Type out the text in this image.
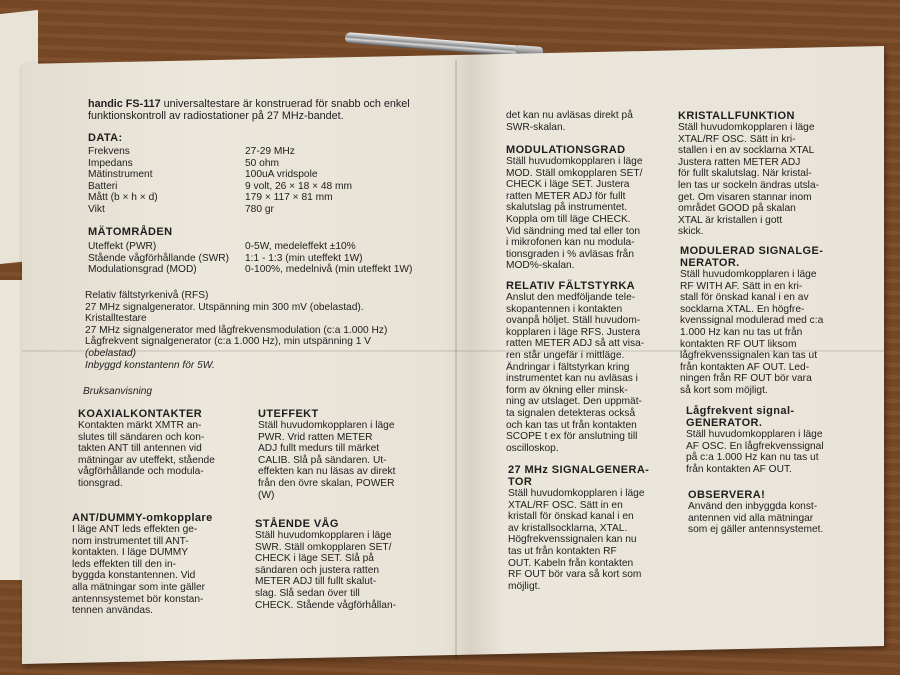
handic FS-117 universaltestare är konstruerad för snabb och enkel
funktionskontroll av radiostationer på 27 MHz-bandet.
DATA:
Frekvens	27-29 MHz
Impedans	50 ohm
Mätinstrument	100uA vridspole
Batteri	9 volt, 26 × 18 × 48 mm
Mått (b × h × d)	179 × 117 × 81 mm
Vikt	780 gr
MÄTOMRÅDEN
Uteffekt (PWR)	0-5W, medeleffekt ±10%
Stående vågförhållande (SWR) 1:1 - 1:3 (min uteffekt 1W)
Modulationsgrad (MOD)	0-100%, medelnivå (min uteffekt 1W)
Relativ fältstyrkenivå (RFS)
27 MHz signalgenerator. Utspänning min 300 mV (obelastad).
Kristalltestare
27 MHz signalgenerator med lågfrekvensmodulation (c:a 1.000 Hz)
Lågfrekvent signalgenerator (c:a 1.000 Hz), min utspänning 1 V
(obelastad)
Inbyggd konstantenn för 5W.
Bruksanvisning
KOAXIALKONTAKTER
Kontakten märkt XMTR an-
slutes till sändaren och kon-
takten ANT till antennen vid
mätningar av uteffekt, stående
vågförhållande och modula-
tionsgrad.
ANT/DUMMY-omkopplare
I läge ANT leds effekten ge-
nom instrumentet till ANT-
kontakten. I läge DUMMY
leds effekten till den in-
byggda konstantennen. Vid
alla mätningar som inte gäller
antennsystemet bör konstan-
tennen användas.
UTEFFEKT
Ställ huvudomkopplaren i läge
PWR. Vrid ratten METER
ADJ fullt medurs till märket
CALIB. Slå på sändaren. Ut-
effekten kan nu läsas av direkt
från den övre skalan, POWER
(W)
STÅENDE VÅG
Ställ huvudomkopplaren i läge
SWR. Ställ omkopplaren SET/
CHECK i läge SET. Slå på
sändaren och justera ratten
METER ADJ till fullt skalut-
slag. Slå sedan över till
CHECK. Stående vågförhållan-
det kan nu avläsas direkt på
SWR-skalan.
MODULATIONSGRAD
Ställ huvudomkopplaren i läge
MOD. Ställ omkopplaren SET/
CHECK i läge SET. Justera
ratten METER ADJ för fullt
skalutslag på instrumentet.
Koppla om till läge CHECK.
Vid sändning med tal eller ton
i mikrofonen kan nu modula-
tionsgraden i % avläsas från
MOD%-skalan.
RELATIV FÄLTSTYRKA
Anslut den medföljande tele-
skopantennen i kontakten
ovanpå höljet. Ställ huvudom-
kopplaren i läge RFS. Justera
ratten METER ADJ så att visa-
ren står ungefär i mittläge.
Ändringar i fältstyrkan kring
instrumentet kan nu avläsas i
form av ökning eller minsk-
ning av utslaget. Den uppmät-
ta signalen detekteras också
och kan tas ut från kontakten
SCOPE t ex för anslutning till
oscilloskop.
27 MHz SIGNALGENERA-
TOR
Ställ huvudomkopplaren i läge
XTAL/RF OSC. Sätt in en
kristall för önskad kanal i en
av kristallsocklarna, XTAL.
Högfrekvenssignalen kan nu
tas ut från kontakten RF
OUT. Kabeln från kontakten
RF OUT bör vara så kort som
möjligt.
KRISTALLFUNKTION
Ställ huvudomkopplaren i läge
XTAL/RF OSC. Sätt in kri-
stallen i en av socklarna XTAL
Justera ratten METER ADJ
för fullt skalutslag. När kristal-
len tas ur sockeln ändras utsla-
get. Om visaren stannar inom
området GOOD på skalan
XTAL är kristallen i gott
skick.
MODULERAD SIGNALGE-
NERATOR.
Ställ huvudomkopplaren i läge
RF WITH AF. Sätt in en kri-
stall för önskad kanal i en av
socklarna XTAL. En högfre-
kvenssignal modulerad med c:a
1.000 Hz kan nu tas ut från
kontakten RF OUT liksom
lågfrekvenssignalen kan tas ut
från kontakten AF OUT. Led-
ningen från RF OUT bör vara
så kort som möjligt.
Lågfrekvent signal-
GENERATOR.
Ställ huvudomkopplaren i läge
AF OSC. En lågfrekvenssignal
på c:a 1.000 Hz kan nu tas ut
från kontakten AF OUT.
OBSERVERA!
Använd den inbyggda konst-
antennen vid alla mätningar
som ej gäller antennsystemet.
